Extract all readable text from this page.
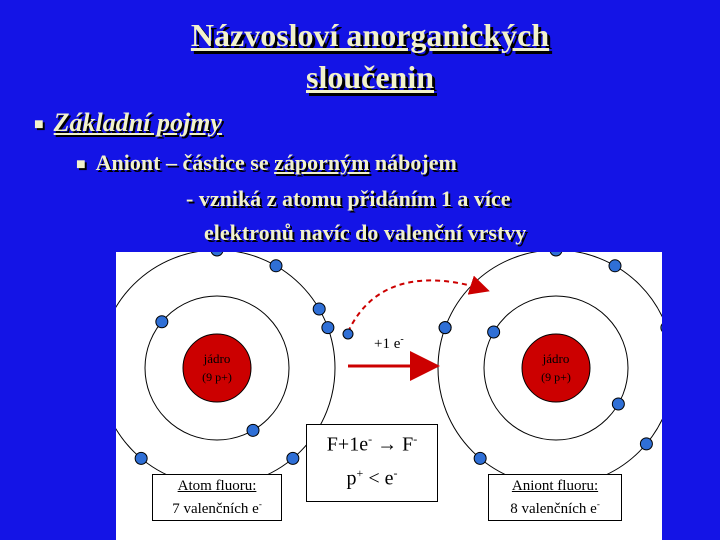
Názvosloví anorganických
sloučenin
■ Základní pojmy
■ Aniont – částice se záporným nábojem
- vzniká z atomu přidáním 1 a více
elektronů navíc do valenční vrstvy
jádro
(9 p+)
jádro
(9 p+)
+1 e-
F+1e- → F-
p+ < e-
Atom fluoru:
7 valenčních e-
Aniont fluoru:
8 valenčních e-
